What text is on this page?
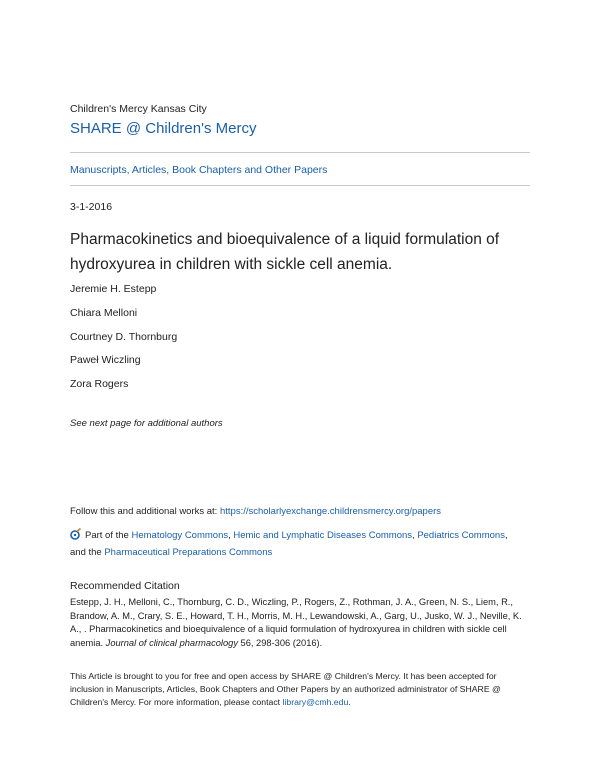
Children's Mercy Kansas City
SHARE @ Children's Mercy
Manuscripts, Articles, Book Chapters and Other Papers
3-1-2016
Pharmacokinetics and bioequivalence of a liquid formulation of hydroxyurea in children with sickle cell anemia.
Jeremie H. Estepp
Chiara Melloni
Courtney D. Thornburg
Paweł Wiczling
Zora Rogers
See next page for additional authors
Follow this and additional works at: https://scholarlyexchange.childrensmercy.org/papers
Part of the Hematology Commons, Hemic and Lymphatic Diseases Commons, Pediatrics Commons,
and the Pharmaceutical Preparations Commons
Recommended Citation
Estepp, J. H., Melloni, C., Thornburg, C. D., Wiczling, P., Rogers, Z., Rothman, J. A., Green, N. S., Liem, R., Brandow, A. M., Crary, S. E., Howard, T. H., Morris, M. H., Lewandowski, A., Garg, U., Jusko, W. J., Neville, K. A., . Pharmacokinetics and bioequivalence of a liquid formulation of hydroxyurea in children with sickle cell anemia. Journal of clinical pharmacology 56, 298-306 (2016).
This Article is brought to you for free and open access by SHARE @ Children's Mercy. It has been accepted for inclusion in Manuscripts, Articles, Book Chapters and Other Papers by an authorized administrator of SHARE @ Children's Mercy. For more information, please contact library@cmh.edu.
